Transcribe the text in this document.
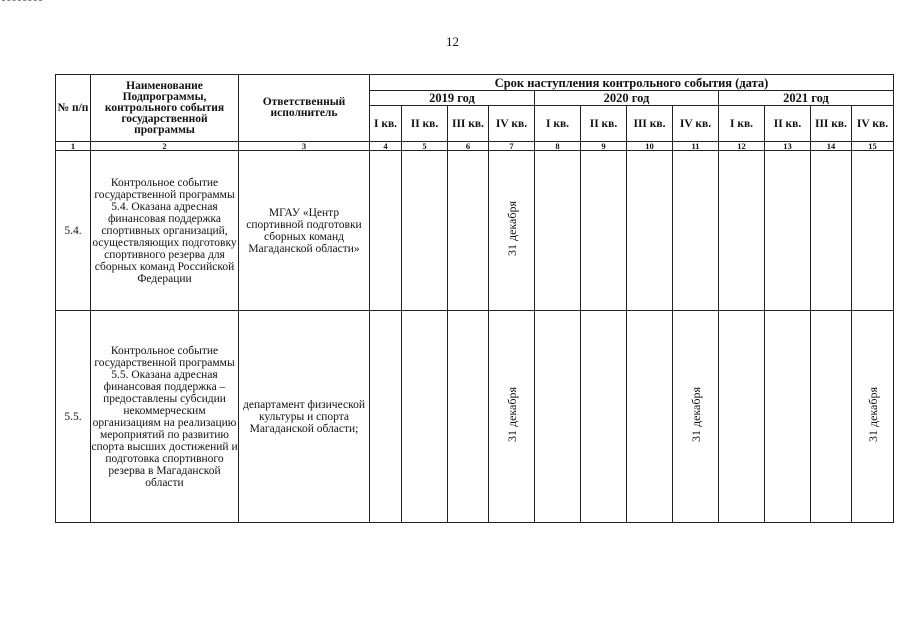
12
№ п/п	Наименование Подпрограммы, контрольного события государственной программы	Ответственный исполнитель	Срок наступления контрольного события (дата)											
			2019 год				2020 год				2021 год			
			I кв.	II кв.	III кв.	IV кв.	I кв.	II кв.	III кв.	IV кв.	I кв.	II кв.	III кв.	IV кв.
1	2	3	4	5	6	7	8	9	10	11	12	13	14	15
5.4.	Контрольное событие государственной программы 5.4. Оказана адресная финансовая поддержка спортивных организаций, осуществляющих подготовку спортивного резерва для сборных команд Российской Федерации	МГАУ «Центр спортивной подготовки сборных команд Магаданской области»				31 декабря								
5.5.	Контрольное событие государственной программы 5.5. Оказана адресная финансовая поддержка – предоставлены субсидии некоммерческим организациям на реализацию мероприятий по развитию спорта высших достижений и подготовка спортивного резерва в Магаданской области	департамент физической культуры и спорта Магаданской области;				31 декабря				31 декабря				31 декабря
